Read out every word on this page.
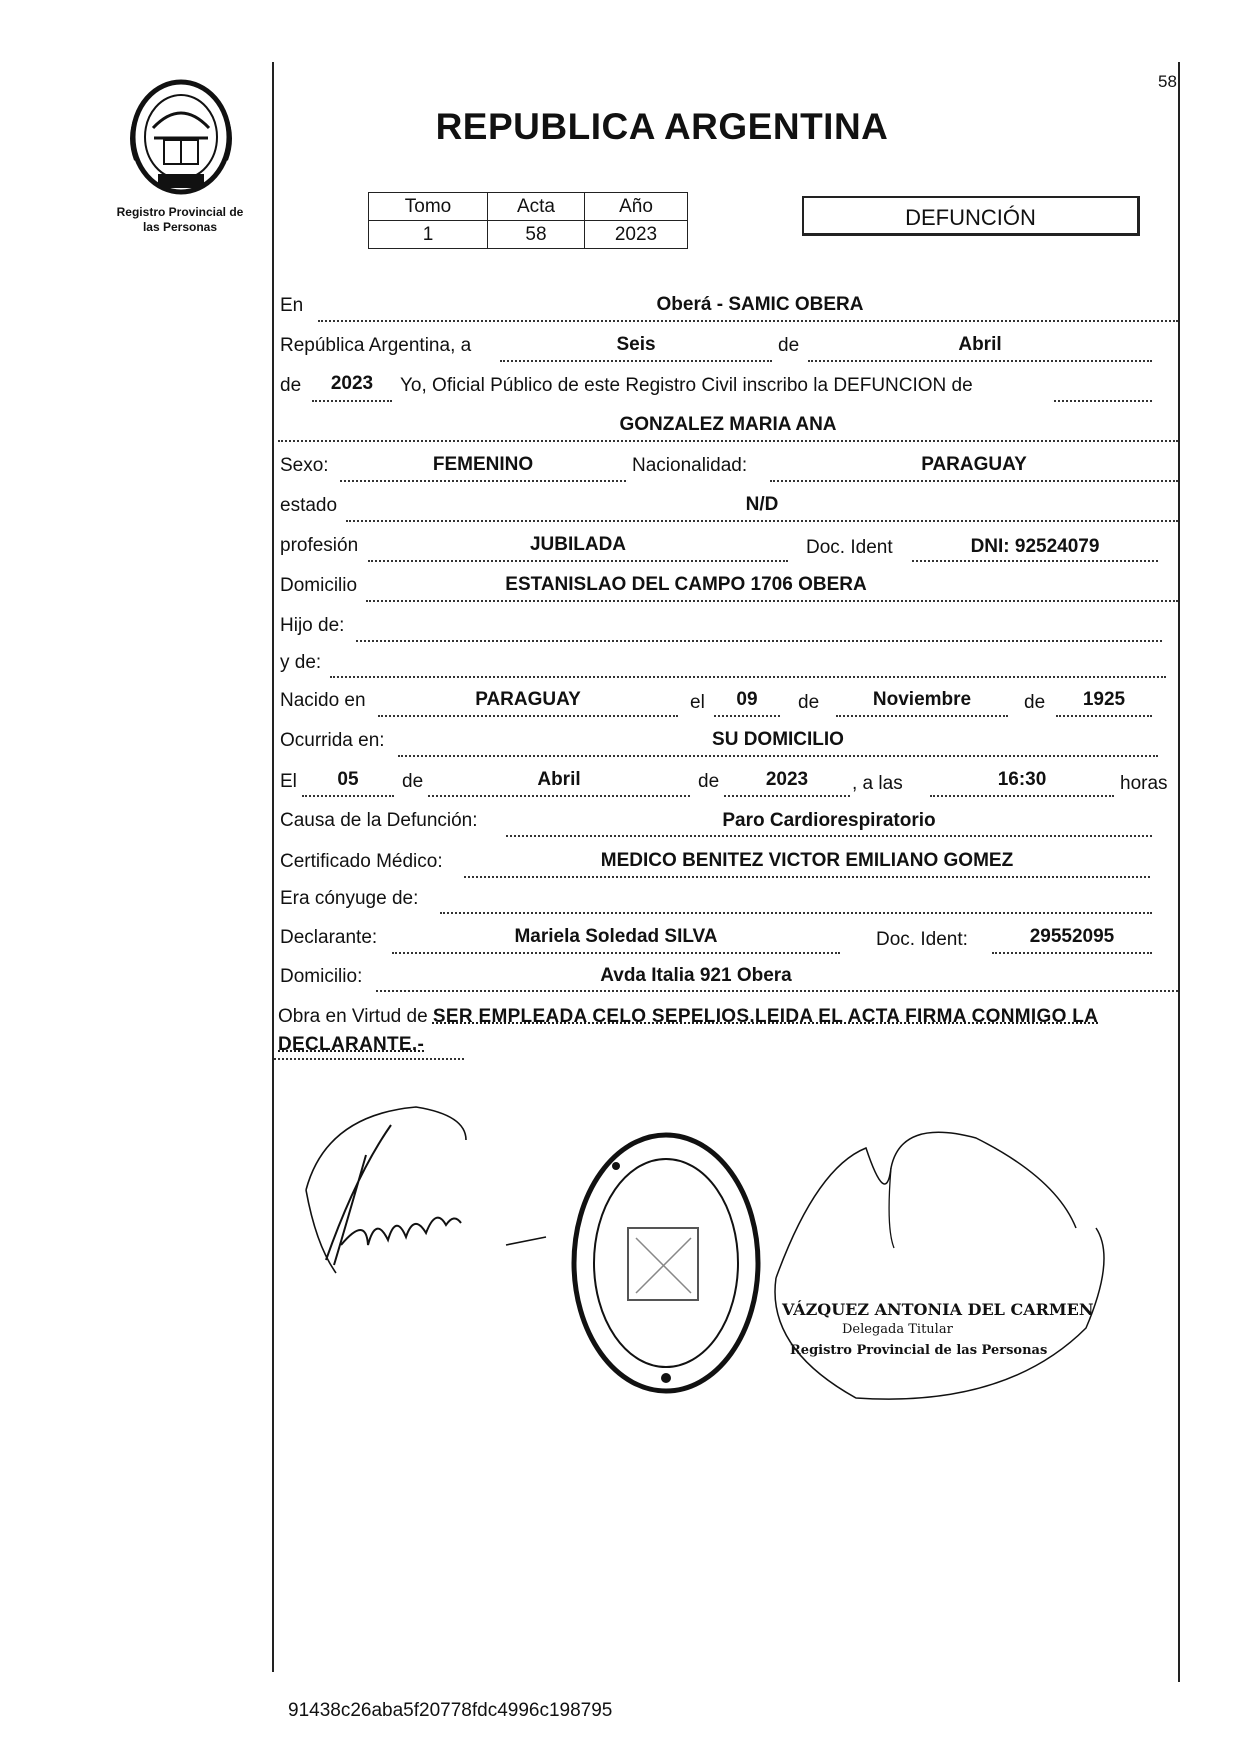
Registro Provincial de
las Personas
58
REPUBLICA ARGENTINA
Tomo	Acta	Año
1	58	2023
DEFUNCIÓN
En	Oberá - SAMIC OBERA
República Argentina, a	Seis	de	Abril
de	2023	Yo, Oficial Público de este Registro Civil inscribo la DEFUNCION de
GONZALEZ MARIA ANA
Sexo:	FEMENINO	Nacionalidad:	PARAGUAY
estado	N/D
profesión	JUBILADA	Doc. Ident	DNI: 92524079
Domicilio	ESTANISLAO DEL CAMPO 1706 OBERA
Hijo de:
y de:
Nacido en	PARAGUAY	el	09	de	Noviembre	de	1925
Ocurrida en:	SU DOMICILIO
El	05	de	Abril	de	2023	, a las	16:30	horas
Causa de la Defunción:	Paro Cardiorespiratorio
Certificado Médico:	MEDICO BENITEZ VICTOR EMILIANO GOMEZ
Era cónyuge de:
Declarante:	Mariela Soledad SILVA	Doc. Ident:	29552095
Domicilio:	Avda Italia 921 Obera
Obra en Virtud de SER EMPLEADA CELO SEPELIOS.LEIDA EL ACTA FIRMA CONMIGO LA DECLARANTE.-
VÁZQUEZ ANTONIA DEL CARMEN
Delegada Titular
Registro Provincial de las Personas
91438c26aba5f20778fdc4996c198795
